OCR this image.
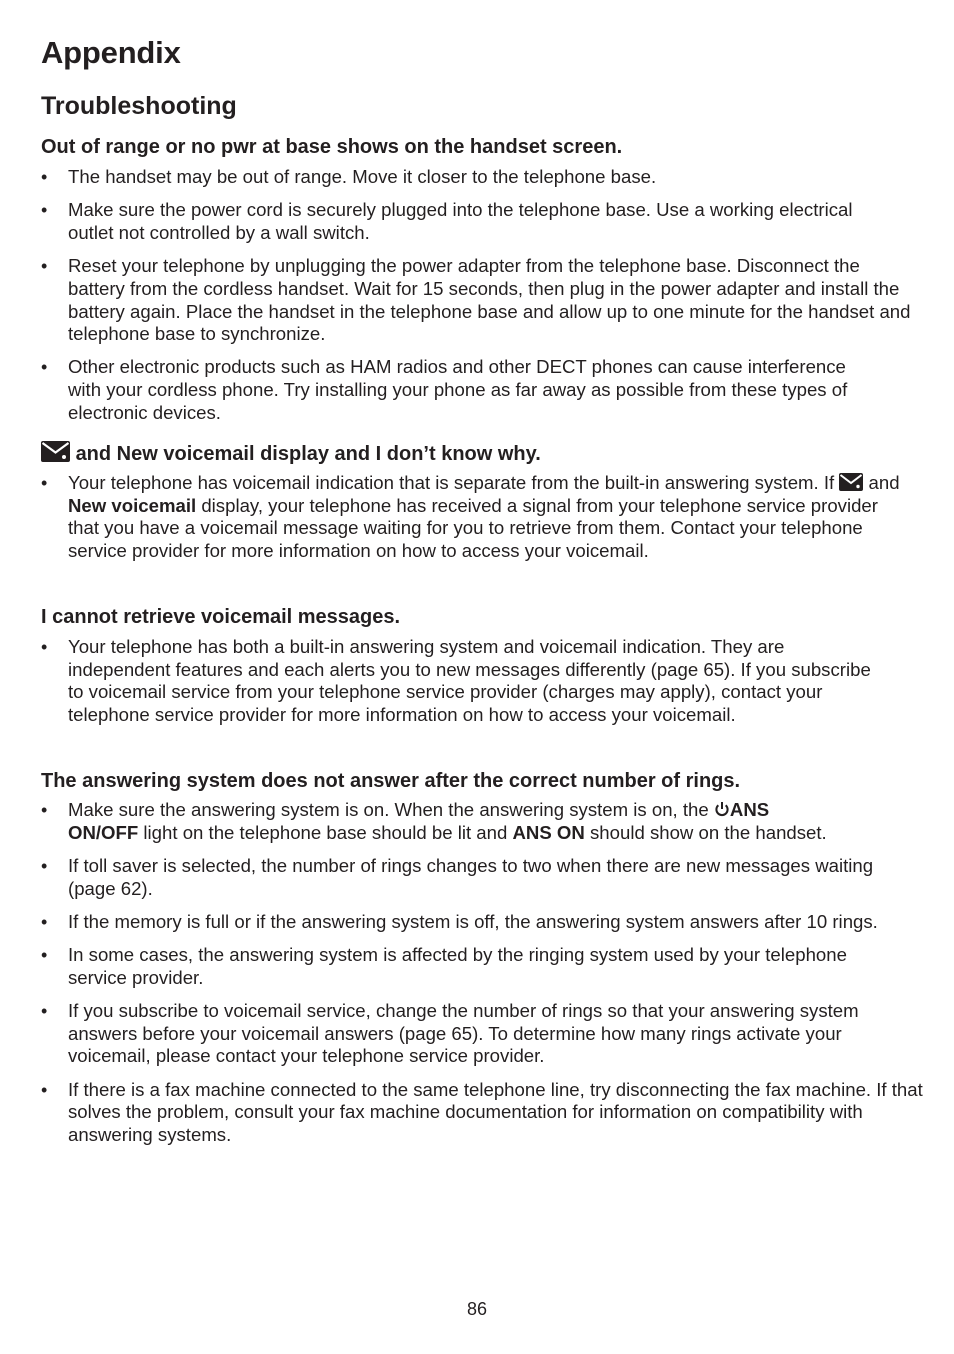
Appendix
Troubleshooting

Out of range or no pwr at base shows on the handset screen.

• The handset may be out of range. Move it closer to the telephone base.
• Make sure the power cord is securely plugged into the telephone base. Use a working electrical outlet not controlled by a wall switch.
• Reset your telephone by unplugging the power adapter from the telephone base. Disconnect the battery from the cordless handset. Wait for 15 seconds, then plug in the power adapter and install the battery again. Place the handset in the telephone base and allow up to one minute for the handset and telephone base to synchronize.
• Other electronic products such as HAM radios and other DECT phones can cause interference with your cordless phone. Try installing your phone as far away as possible from these types of electronic devices.

and New voicemail display and I don’t know why.

• Your telephone has voicemail indication that is separate from the built-in answering system. If and New voicemail display, your telephone has received a signal from your telephone service provider that you have a voicemail message waiting for you to retrieve from them. Contact your telephone service provider for more information on how to access your voicemail.

I cannot retrieve voicemail messages.

• Your telephone has both a built-in answering system and voicemail indication. They are independent features and each alerts you to new messages differently (page 65). If you subscribe to voicemail service from your telephone service provider (charges may apply), contact your telephone service provider for more information on how to access your voicemail.

The answering system does not answer after the correct number of rings.

• Make sure the answering system is on. When the answering system is on, the ANS ON/OFF light on the telephone base should be lit and ANS ON should show on the handset.
• If toll saver is selected, the number of rings changes to two when there are new messages waiting (page 62).
• If the memory is full or if the answering system is off, the answering system answers after 10 rings.
• In some cases, the answering system is affected by the ringing system used by your telephone service provider.
• If you subscribe to voicemail service, change the number of rings so that your answering system answers before your voicemail answers (page 65). To determine how many rings activate your voicemail, please contact your telephone service provider.
• If there is a fax machine connected to the same telephone line, try disconnecting the fax machine. If that solves the problem, consult your fax machine documentation for information on compatibility with answering systems.
86
